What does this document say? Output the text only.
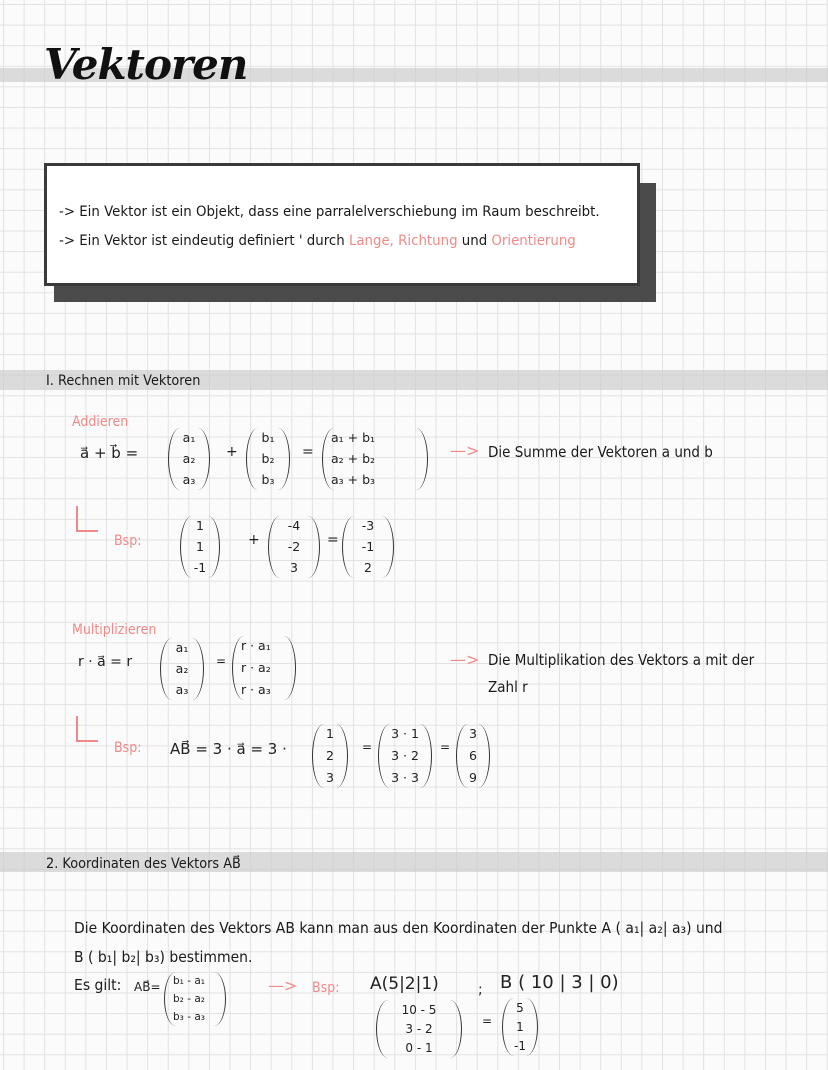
Vektoren
-> Ein Vektor ist ein Objekt, dass eine parralelverschiebung im Raum beschreibt.
-> Ein Vektor ist eindeutig definiert ' durch Lange, Richtung und Orientierung
I. Rechnen mit Vektoren
Addieren
a⃗ + b⃗ =
a₁
a₂
a₃
+
b₁
b₂
b₃
=
a₁ + b₁
a₂ + b₂
a₃ + b₃
—> Die Summe der Vektoren a und b
Bsp:
1
1
-1
+
-4
-2
3
=
-3
-1
2
Multiplizieren
r · a⃗ = r
a₁
a₂
a₃
=
r · a₁
r · a₂
r · a₃
—> Die Multiplikation des Vektors a mit der
Zahl r
Bsp: AB⃗ = 3 · a⃗ = 3 ·
1
2
3
=
3 · 1
3 · 2
3 · 3
=
3
6
9
2. Koordinaten des Vektors AB⃗
Die Koordinaten des Vektors AB kann man aus den Koordinaten der Punkte A ( a₁| a₂| a₃) und
B ( b₁| b₂| b₃) bestimmen.
Es gilt: AB⃗= b₁ - a₁
b₂ - a₂
b₃ - a₃
—> Bsp: A(5|2|1)	; B ( 10 | 3 | 0)
10 - 5
3 - 2
0 - 1
=
5
1
-1
